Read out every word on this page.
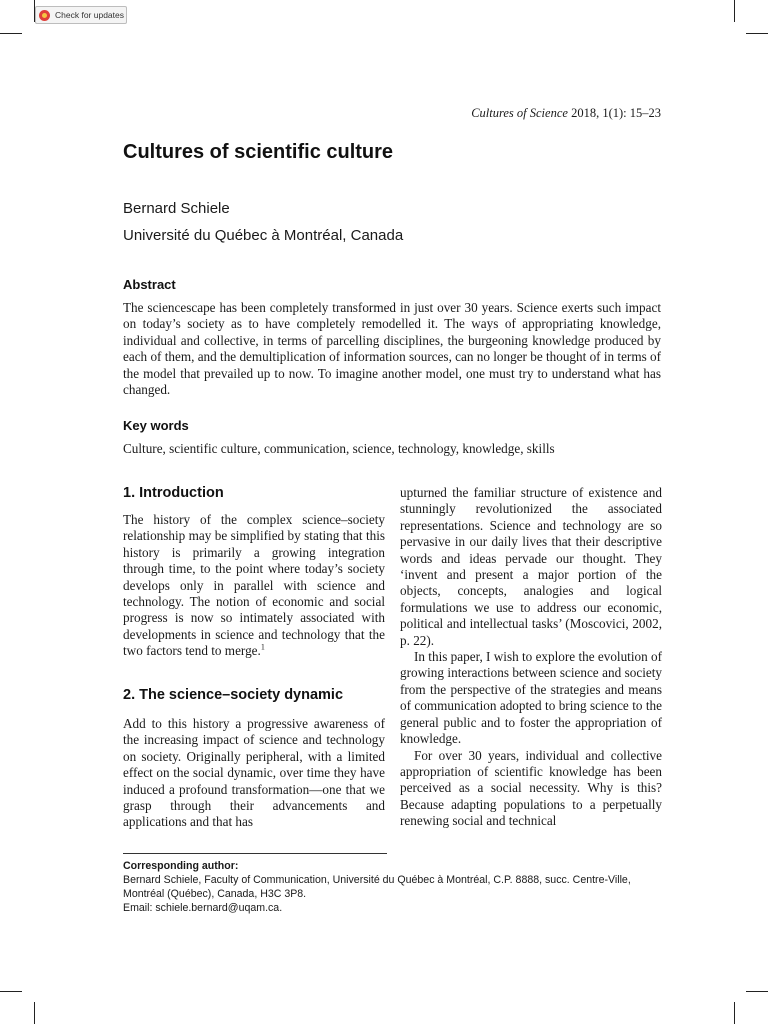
Check for updates
Cultures of Science 2018, 1(1): 15–23
Cultures of scientific culture
Bernard Schiele
Université du Québec à Montréal, Canada
Abstract
The sciencescape has been completely transformed in just over 30 years. Science exerts such impact on today’s society as to have completely remodelled it. The ways of appropriating knowledge, individual and collective, in terms of parcelling disciplines, the burgeoning knowledge produced by each of them, and the demultiplication of information sources, can no longer be thought of in terms of the model that prevailed up to now. To imagine another model, one must try to understand what has changed.
Key words
Culture, scientific culture, communication, science, technology, knowledge, skills
1. Introduction

The history of the complex science–society relationship may be simplified by stating that this history is primarily a growing integration through time, to the point where today’s society develops only in parallel with science and technology. The notion of economic and social progress is now so intimately associated with developments in science and technology that the two factors tend to merge.$^1$

2. The science–society dynamic

Add to this history a progressive awareness of the increasing impact of science and technology on society. Originally peripheral, with a limited effect on the social dynamic, over time they have induced a profound transformation—one that we grasp through their advancements and applications and that has

upturned the familiar structure of existence and stunningly revolutionized the associated representations. Science and technology are so pervasive in our daily lives that their descriptive words and ideas pervade our thought. They ‘invent and present a major portion of the objects, concepts, analogies and logical formulations we use to address our economic, political and intellectual tasks’ (Moscovici, 2002, p. 22).

In this paper, I wish to explore the evolution of growing interactions between science and society from the perspective of the strategies and means of communication adopted to bring science to the general public and to foster the appropriation of knowledge.

For over 30 years, individual and collective appropriation of scientific knowledge has been perceived as a social necessity. Why is this? Because adapting populations to a perpetually renewing social and technical

Corresponding author:
Bernard Schiele, Faculty of Communication, Université du Québec à Montréal, C.P. 8888, succ. Centre-Ville, Montréal (Québec), Canada, H3C 3P8.
Email: schiele.bernard@uqam.ca.
